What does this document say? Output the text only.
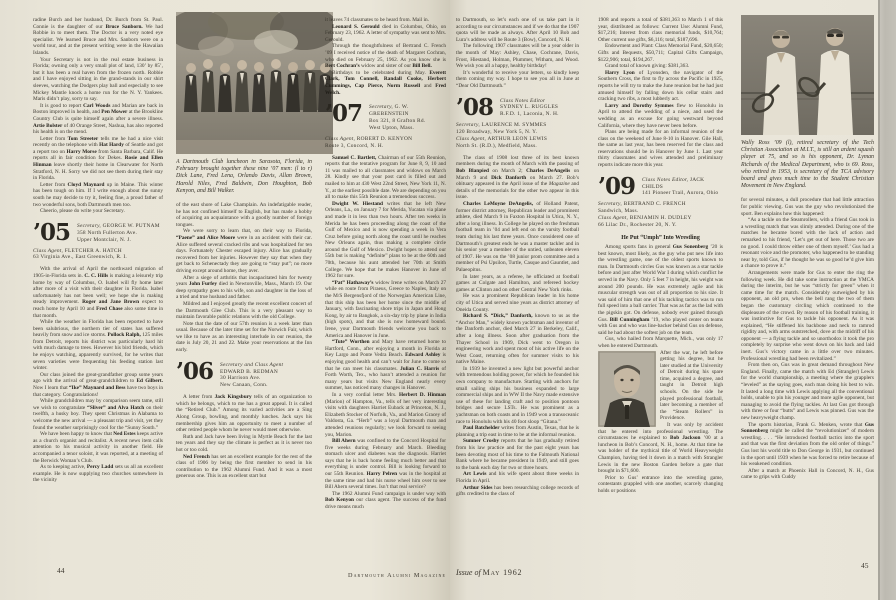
radine Burch and her husband, Dr. Burch from St. Paul. Connie is the daughter of our Bruce Sanborn. We had Robbie in to meet them. The Doctor is a very noted eye specialist. We learned Bruce and Mrs. Sanborn were on a world tour, and at the present writing were in the Hawaiian Islands.

Your Secretary is not in the real estate business in Florida; owning only a very small plot of land, 130’ by 85’, but it has been a real haven from the frozen north. Robbie and I have enjoyed sitting in the grand-stands in our shirt sleeves, watching the Dodgers play ball and especially to see Mickey Mantle knock a home run for the N. Y. Yankees. Maris didn’t play, sorry to say.

It is good to report Carl Woods and Marian are back in Boston improved in health, and Pen Mower at the Brookline Country Club is quite himself again after a severe illness. Artie Bolster of 40 Orange Street, Nashua, has also reported his health is on the mend.

Letter from Tom Streeter tells me he had a nice visit recently on the telephone with Hat Hardy of Seattle and got a report too on Harry Morse from Santa Barbara, Calif. He reports all in fair condition for Dekes. Rosie and Ellen Hinman leave shortly their home in Clearwater for North Stratford, N. H. Sorry we did not see them during their stay in Florida.

Letter from Cloyd Maynard up in Maine. This winter has been tough on him. If I write enough about the sunny south he may decide to try it, feeling fine, a proud father of two wonderful sons, both Dartmouth men too.

Cheerio, please do write your Secretary.

’05 Secretary, GEORGE W. PUTNAM
358 North Fullerton Ave.
Upper Montclair, N. J.
Class Agent, FLETCHER A. HATCH
63 Virginia Ave., East Greenwich, R. I.

With the arrival of April the northward migration of 1905-in-Florida sets in. C. C. Hills is making a leisurely trip home by way of Columbus, O. Isabel will fly home later after more of a visit with their daughter in Florida. Isabel unfortunately has not been well; we hope she is making steady improvement. Roger and Jane Brown expect to reach home by April 10 and Fred Chase also some time in that month.

While the weather in Florida has been reported to have been salubrious, the northern tier of states has suffered heavily from snow and ice storms. Pollock Ralph, 125 miles from Detroit, reports his district was particularly hard hit with much damage to trees. However his bird friends, which he enjoys watching, apparently survived, for he writes that seven varieties were frequenting his feeding station last winter.

Our class joined the great-grandfather group some years ago with the arrival of great-grandchildren to Ed Gilbert. Now I learn that “Ike” Maynard and Bess have two boys in that category. Congratulations!

While grandchildren may by comparison seem tame, still we wish to congratulate “Sliver” and Alva Hatch on their twelfth, a husky boy. They spent Christmas in Alabama to welcome the new arrival — a pleasant trip and visit, yet they found the weather surprisingly cool for the “Sunny South.”

We have been happy to know that Ned Estes keeps active as a church organist and recitalist. A recent news item calls attention to his musical activity in another field. He accompanied a tenor soloist, it was reported, at a meeting of the Berwick Woman’s Club.

As to keeping active, Percy Ladd sets us all an excellent example. He is now supplying two churches somewhere in the vicinity

A Dartmouth Club luncheon in Sarasota, Florida, in February brought together these nine ’07 men: (l to r) Dick Lane, Fred Lena, Orlando Davis, Allan Brown, Harold Niles, Fred Baldwin, Don Houghton, Bob Kenyon, and Bill Walker.

of the east shore of Lake Champlain. An indefatigable reader, he has not confined himself to English, but has made a hobby of acquiring an acquaintance with a goodly number of foreign tongues.

We were sorry to learn that, on their way to Florida, “Paene” and Alice Moore were in an accident with their car. Alice suffered several cracked ribs and was hospitalized for ten days. Fortunately Chester escaped injury. Alice has gradually recovered from her injuries. However they say that when they get back to Schenectady they are going to “stay put”; no more driving except around home, they aver.

After a siege of arthritis that incapacitated him for twenty years John Furfey died in Newtonville, Mass., March 19. Our deep sympathy goes to his wife, son and daughter in the loss of a tried and true husband and father.

Mildred and I enjoyed greatly the recent excellent concert of the Dartmouth Glee Club. This is a very pleasant way to maintain favorable public relations with the old College.

Note that the date of our 57th reunion is a week later than usual. Because of the later time set for the Norwich Fair, which we like to have as an interesting interlude in our reunion, the date is July 20, 21 and 22. Make your reservations at the Inn early.

’06 Secretary and Class Agent
EDWARD B. REDMAN
30 Harrison Ave.
New Canaan, Conn.

A letter from Jack Kingsbury tells of an organization to which he belongs, which to me has a great appeal. It is called the “Retired Club.” Among its varied activities are a Sing Along Group, bowling, and monthly lunches. Jack says his membership gives him an opportunity to meet a number of other retired people whom he never would meet otherwise.

Ruth and Jack have been living in Myrtle Beach for the last ten years and they say the climate is perfect as it is never too hot or too cold.

Ned French has set an excellent example for the rest of the class of 1906 by being the first member to send in his contribution to the 1962 Alumni Fund. And it was a most generous one. This is an excellent start but

it leaves 74 classmates to be heard from. Mail in.

Leonard S. Gerould died in Columbus, Ohio, on February 23, 1962. A letter of sympathy was sent to Mrs. Gerould.

Through the thoughtfulness of Bertrand C. French ’09 I received notice of the death of Margaret Cochran, who died on February 25, 1962. As you know she is Bert Cochran’s widow and sister of our Bill Bell.

Birthdays to be celebrated during May. Everett Clark, Tom Connell, Randall Cooke, Herbert Cummings, Cap Pierce, Norm Russell and Fred Welch.

’07 Secretary, G. W. GREBENSTEIN
Box 321, 8 Grafton Rd.
West Upton, Mass.
Class Agent, ROBERT D. KENYON
Route 3, Concord, N. H.

Samuel C. Bartlett, Chairman of our 55th Reunion, reports that the tentative program for June 8, 9, 10 and 11 was mailed to all classmates and widows on March 28. Kindly see that your post card is filled out and mailed to him at 430 West 22nd Street, New York 11, N. Y., at the earliest possible date. We are depending on you all to make this 55th Reunion a tremendous success.

Dwight W. Hiestand writes that he left New Orleans, La., on January 7 for Merida, Yucatan via plane and made it in less than two hours. After ten weeks in Merida he has been proceeding along the coast of the Gulf of Mexico and is now spending a week in Vera Cruz before going north along the coast until he reaches New Orleans again, thus making a complete circle around the Gulf of Mexico. Dwight hopes to attend our 55th but is making “definite” plans to be at the 60th and 70th, because his aunt attended her 70th at Smith College. We hope that he makes Hanover in June of 1962 for sure.

“Pat” Hathaway’s widow Irene writes on March 27 while en route from Piraeus, Greece to Naples, Italy on the M/S Bergensfjord of the Norwegian American Line, that this ship has been her home since the middle of January, with fascinating shore trips in Japan and Hong Kong, by air to Bangkok, a six-day trip by plane in India (high spots), and that she is now homeward bound. Irene, your Dartmouth friends welcome you back to America and Hanover in June.

“Tute” Worthen and Mary have returned home to Hartford, Conn., after enjoying a month in Florida at Key Largo and Ponte Vedra Beach. Edward Ashley is enjoying good health and can’t wait for June to come so that he can meet his classmates. Julian C. Harris of Forth Worth, Tex., who hasn’t attended a reunion for many years but visits New England nearly every summer, has noticed many changes in Hanover.

In a very cordial letter Mrs. Herbert D. Hinman (Marion) of Hampton, Va., tells of her very interesting visits with daughters Harriet Euback at Princeton, N. J., Elizabeth Stocker of Norfolk, Va., and Marion Gracey of Valdosta, Ga. “Herb” was a loyal Dartmouth man and attended reunions regularly; we look forward to seeing you, Marion.

Bill Ahern was confined to the Concord Hospital for five weeks during February and March. Bleeding stomach ulcer and diabetes was the diagnosis. Harriet says that he is back home feeling much better and that everything is under control. Bill is looking forward to our 55th Reunion. Harry Pelren was in the hospital at the same time and had his nurse wheel him over to see Bill Ahern several times. Isn’t that real service?

The 1962 Alumni Fund campaign is under way with Bob Kenyon our class agent. The success of the fund drive means much

44
Dartmouth Alumni Magazine

to Dartmouth, so let’s each one of us take part in it according to our circumstances and if we do that the 1907 quota will be made as always. After April 10 Bob and Lura’s address will be Route 3 (Bow), Concord, N. H.

The following 1907 classmates will be a year older in the month of May: Ashley, Chase, Cochrane, Davis, Frost, Hiestand, Holman, Plummer, Witham, and Wood. We wish you all a happy, healthy birthday!

It’s wonderful to receive your letters, so kindly keep them coming my way. I hope to see you all in June at “Dear Old Dartmouth.”

’08 Class Notes Editor
SYDNEY L. RUGGLES
R.F.D. 1, Laconia, N. H.
Secretary, LAURENCE M. SYMMES
120 Broadway, New York 5, N. Y.
Class Agent, ARTHUR LEON LEWIS
North St. (R.D.), Medfield, Mass.

The class of 1908 lost three of its best known members during the month of March with the passing of Bob Blanpied on March 2; Charles DeAngelis on March 9 and Dick Danforth on March 27. Bob’s obituary appeared in the April issue of the Magazine and details of the memorials for the other two appear in this issue.

Charles LeMoyne DeAngelis, of Holland Patent, former district attorney, Republican leader and prominent athlete, died March 9 in Faxton Hospital in Utica, N. Y., after a long illness. In College he played on the freshman football team in ’04 and left end on the varsity football team during his last three years. Once considered one of Dartmouth’s greatest ends he was a master tackler and in his senior year a member of the untied, unbeaten eleven of 1907. He was on the ’08 junior prom committee and a member of Psi Upsilon, Turtle, Casque and Gauntlet, and Palaeopitus.

In later years, as a referee, he officiated at football games at Colgate and Hamilton, and refereed hockey games at Clinton and on other Central New York rinks.

He was a prominent Republican leader in his home city of Utica and served nine years as district attorney of Oneida County.

Richard S. “Dick,” Danforth, known to us as the “Anchor Man,” widely known yachtsman and inventor of the Danforth anchor, died March 27 in Berkeley, Calif., after a long illness. Soon after graduation from the Thayer School in 1909, Dick went to Oregon in engineering work and spent most of his active life on the West Coast, returning often for summer visits to his native Maine.

In 1939 he invented a new light but powerful anchor with tremendous holding power, for which he founded his own company to manufacture. Starting with anchors for small sailing ships his business expanded to large commercial ships and in WW II the Navy made extensive use of these for landing craft and to position pontoon bridges and secure LSTs. He was prominent as a yachtsman on both coasts and in 1949 won a transoceanic race to Honolulu with his 40 foot sloop “Gitana.”

Paul Batchelder writes from Austin, Texas, that he is planning a trip east in time to be at the informal reunion.

Sumner Crosby reports that he has gradually retired from his law practice and for the past eight years has been devoting most of his time to the Falmouth National Bank where he became president in 1949, and still goes to the bank each day for two or three hours.

Art Lewis and his wife spent about three weeks in Florida in April.

Arthur Sides has been researching college records of gifts credited to the class of

1908 and reports a total of $381,363 to March 1 of this year, distributed as follows: Current Use: Alumni Fund, $17,216; Interest from class memorial funds, $10,764; Other current use gifts, $6,116; total, $187,696.

Endowment and Plant: Class Memorial Fund, $20,650; Gifts and Bequests, $50,711; Capital Gifts Campaign, $122,906; total, $194,267.

Grand total of known giving: $381,363.

Harry Lyon of Lyonsden, the navigator of the Southern Cross, the first to fly across the Pacific in 1925, reports he will try to make the June reunion but he had just amused himself by falling down his cellar stairs and cracking two ribs, a most lubberly act.

Larry and Dorothy Symmes flew to Honolulu in April to attend the wedding of a niece, and used the wedding as an excuse for going westward beyond California, where they have never been before.

Plans are being made for an informal reunion of the class on the weekend of June 8-10 in Hanover. Gile Hall, the same as last year, has been reserved for the class and reservations should be in Hanover by June 1. Last year thirty classmates and wives attended and preliminary reports indicate more this year.

’09 Class Notes Editor, JACK CHILDS
141 Pioneer Trail, Aurora, Ohio
Secretary, BERTRAND C. FRENCH
Sandwich, Mass.
Class Agent, BENJAMIN H. DUDLEY
66 Lilac Dr., Rochester 20, N. Y.
He Put “Umph” Into Wrestling

Among sports fans in general Gus Sonenberg ’20 is best known, most likely, as the guy who put new life into the wrestling game, one of the oldest sports known to man. In Dartmouth circles Gus was known as a star tackle before and just after World War I during which conflict he served in the Navy. Only 5 feet 7 in height, his weight was around 200 pounds. He was extremely agile and his muscular strength was out of all proportion to his size. It was said of him that one of his tackling tactics was to run full speed into a ball carrier. That was as far as the lad with the pigskin got. On defense, nobody ever gained through Gus. Bill Cunningham ’19, who played center on teams with Gus and who was line-backer behind Gus on defense, said he had about the softest job on the team.

Gus, who hailed from Marquette, Mich., was only 17 when he entered Dartmouth.

After the war, he left before getting his degree, but he later studied at the University of Detroit during his spare time, acquired a degree, and taught in Detroit high schools. On the side he played professional football, later becoming a member of the “Steam Rollers” in Providence.

It was only by accident that he entered into professional wrestling. The circumstances he explained to Bob Jackson ’00 at a luncheon in Bob’s Concord, N. H., home. At that time he was holder of the mythical title of World Heavyweight Champion, having tied it down in a match with Strangler Lewis in the new Boston Garden before a gate that brought in $71,600.

Prior to Gus’ entrance into the wrestling game, contestants grappled with one another, scarcely changing holds or positions

Wally Ross ’09 (l), retired secretary of the Tech Christian Association at M.I.T., is still an ardent squash player at 75, and so is his opponent, Dr. Lyman Richards of the Medical Department, who is 69. Ross, who retired in 1953, is secretary of the TCA advisory board and gives much time to the Student Christian Movement in New England.

for several minutes, a dull procedure that had little attraction for public viewing. Gus was the guy who revolutionized the sport. Ben explains how this happened:

“As a tackle on the Steamrollers, with a friend Gus took in a wrestling match that was slimly attended. During one of the matches he became bored with the lack of action and remarked to his friend, ‘Let’s get out of here. Those two are no good. I could throw either one of them myself.’ Gus had a resonant voice and the promoter, who happened to be standing near by, told Gus, if he thought he was so good he’d give him a chance to prove it.”

Arrangements were made for Gus to enter the ring the following week. He did take some instruction at the YMCA during the interim, but he was “strictly for green” when it came time for the match. Considerably outweighed by his opponent, an old pro, when the bell rang the two of them began the customary circling which continued to the displeasure of the crowd. By reason of his football training, it was instinctive for Gus to tackle his opponent. As it was explained, “He stiffened his backbone and neck to ramrod rigidity and, with arms outstretched, dove at the midriff of his opponent — a flying tackle and so unorthodox it took the pro completely by surprise who went down on his back and laid inert. Gus’s victory came in a little over two minutes. Professional wrestling had been revitalized.”

From then on, Gus was in great demand throughout New England. Finally, came the match with Ed (Strangler) Lewis for the world championship, a meeting where the grapplers “leveled” as the saying goes, each man doing his best to win. It lasted a long time with Lewis applying all the conventional holds, unable to pin his younger and more agile opponent, but managing to avoid the flying tackles. At last Gus got through with three or four “butts” and Lewis was pinned. Gus was the new heavyweight champ.

The sports historian, Frank G. Menken, wrote that Gus Sonnenberg might be called the “revolutionizer” of modern wrestling. . . . “He introduced football tactics into the sport and that was the first deviation from the old order of things.” Gus lost his world title to Don George in 1931, but continued in the sport until 1939 when he was forced to retire because of his weakened condition.

After a match at Phoenix Hall in Concord, N. H., Gus came to grips with Cuddy

Issue of May 1962
45
